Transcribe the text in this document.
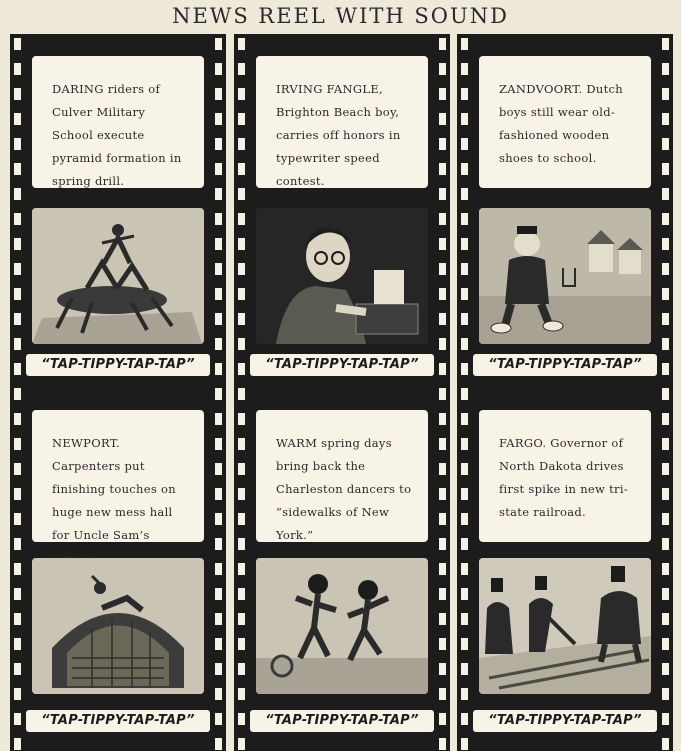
NEWS REEL WITH SOUND
DARING riders of Culver Military School execute pyramid formation in spring drill.
“TAP-TIPPY-TAP-TAP”
NEWPORT. Carpenters put finishing touches on huge new mess hall for Uncle Sam’s
“TAP-TIPPY-TAP-TAP”
IRVING FANGLE, Brighton Beach boy, carries off honors in typewriter speed contest.
“TAP-TIPPY-TAP-TAP”
WARM spring days bring back the Charleston dancers to “sidewalks of New York.”
“TAP-TIPPY-TAP-TAP”
ZANDVOORT. Dutch boys still wear old-fashioned wooden shoes to school.
“TAP-TIPPY-TAP-TAP”
FARGO. Governor of North Dakota drives first spike in new tri-state railroad.
“TAP-TIPPY-TAP-TAP”
